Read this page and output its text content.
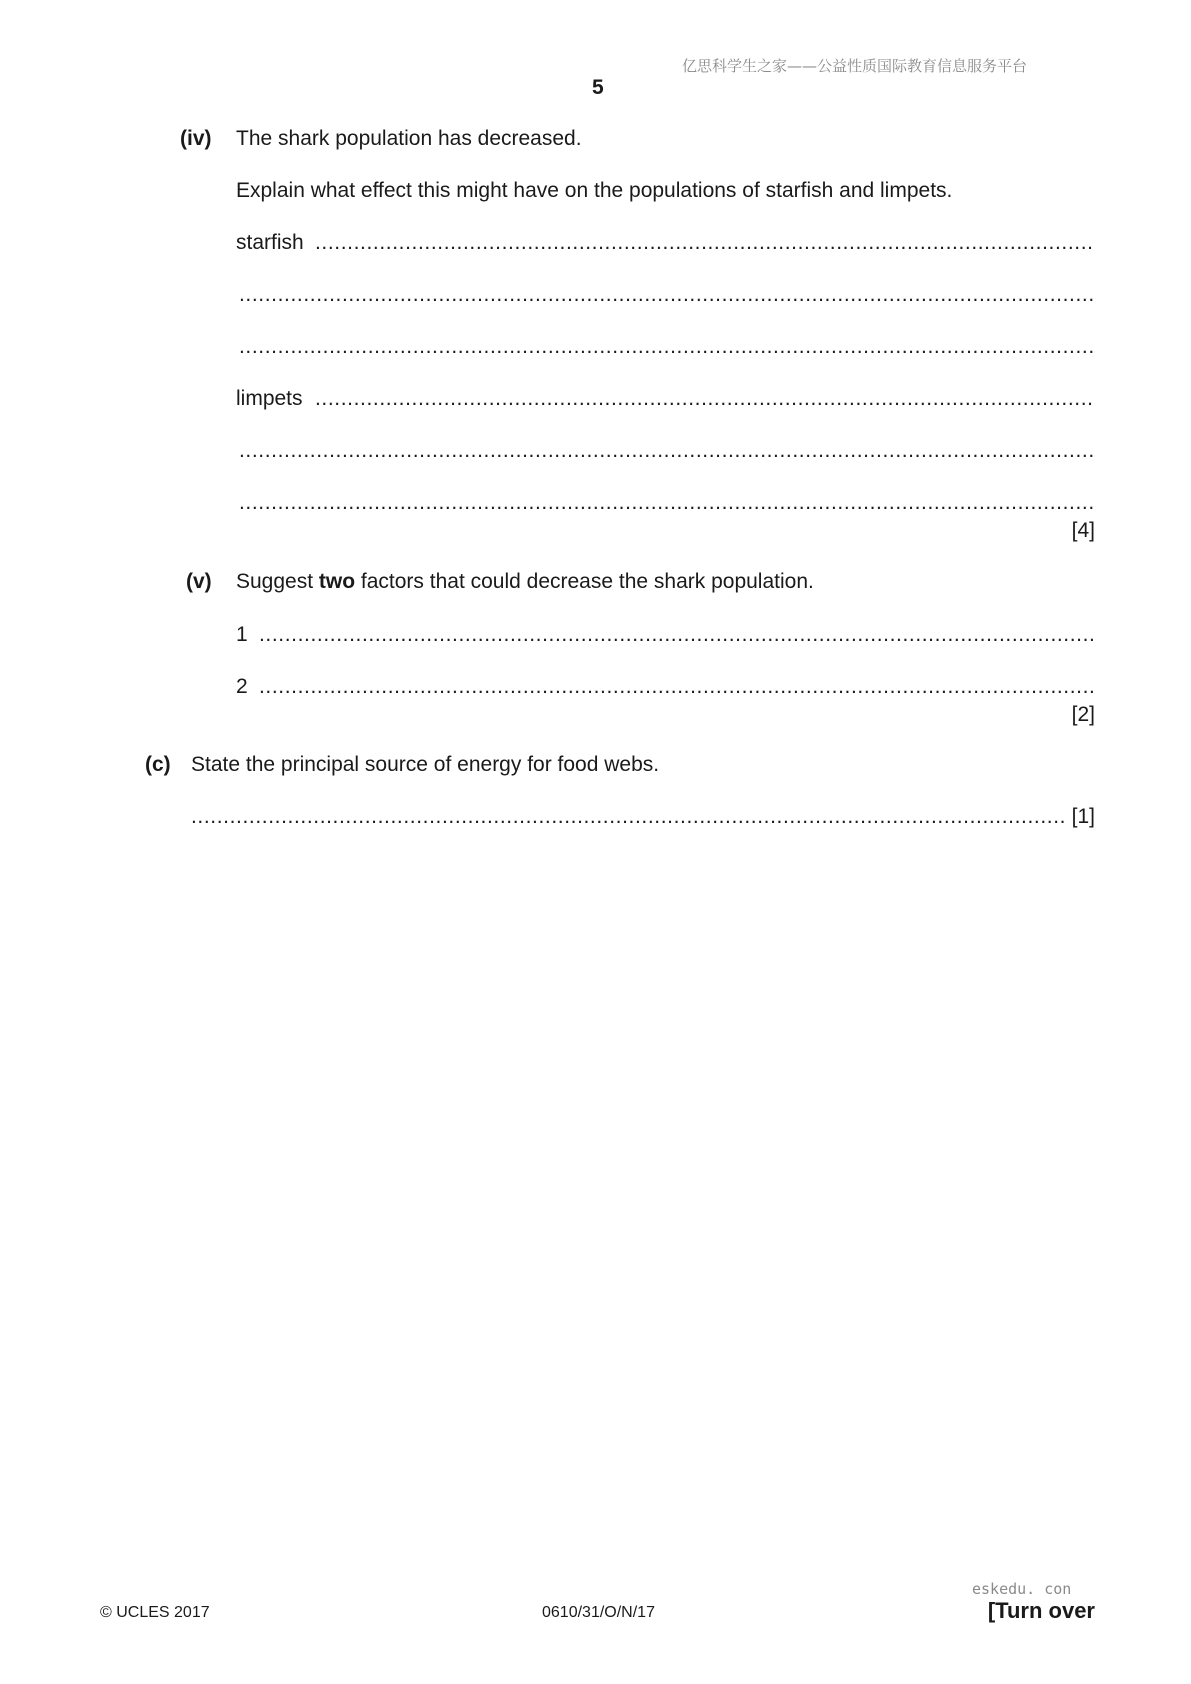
亿思科学生之家——公益性质国际教育信息服务平台
5
(iv) The shark population has decreased.
Explain what effect this might have on the populations of starfish and limpets.
starfish
.....
.....
.....
limpets
.....
.....
.....
[4]
(v) Suggest two factors that could decrease the shark population.
1
.....
2
.....
[2]
(c) State the principal source of energy for food webs.
.....
[1]
eskedu. con
© UCLES 2017	0610/31/O/N/17	[Turn over
